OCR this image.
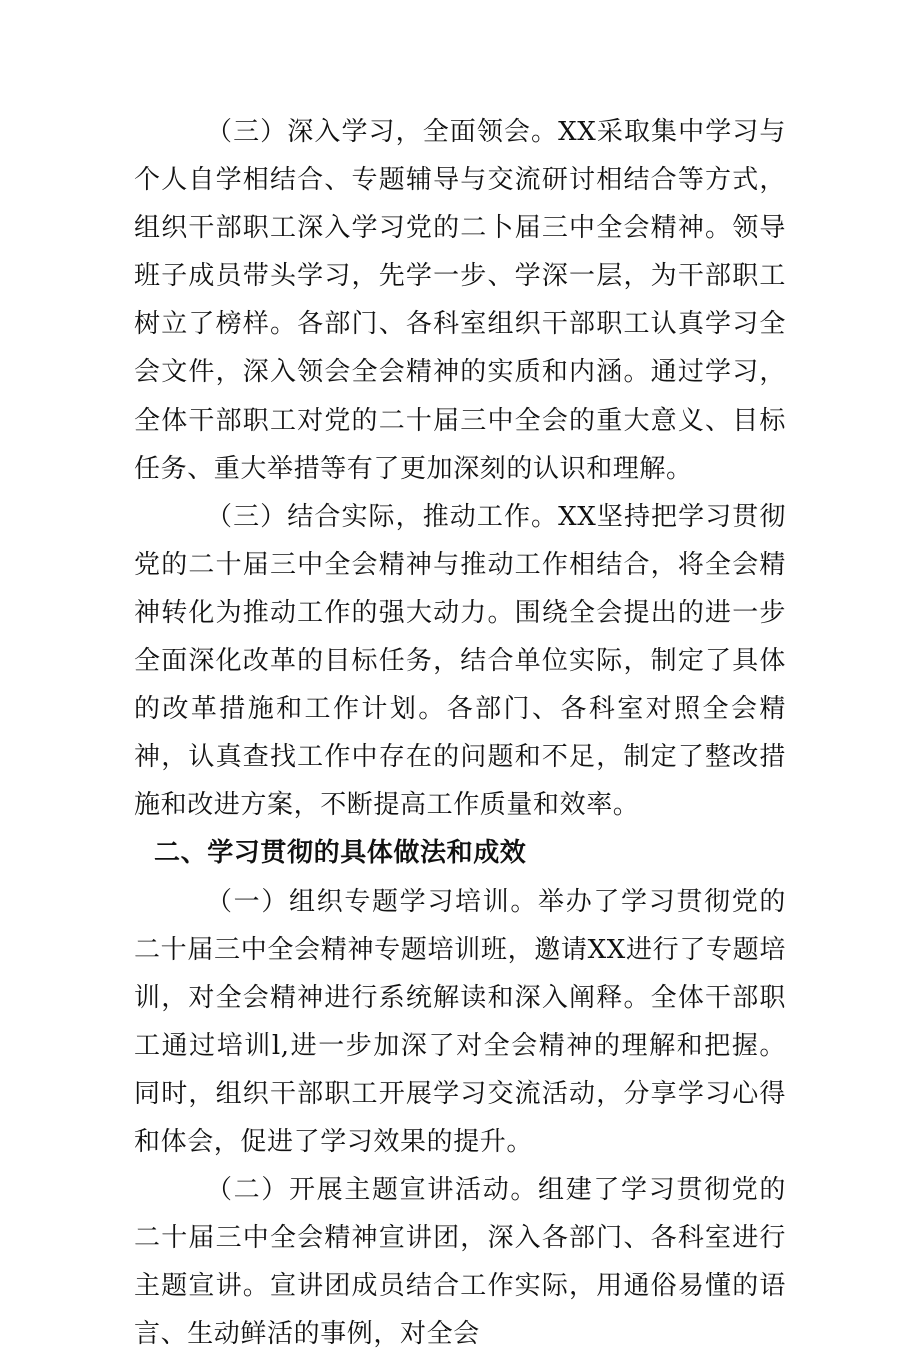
（三）深入学习，全面领会。XX采取集中学习与个人自学相结合、专题辅导与交流研讨相结合等方式，组织干部职工深入学习党的二卜届三中全会精神。领导班子成员带头学习，先学一步、学深一层，为干部职工树立了榜样。各部门、各科室组织干部职工认真学习全会文件，深入领会全会精神的实质和内涵。通过学习，全体干部职工对党的二十届三中全会的重大意义、目标任务、重大举措等有了更加深刻的认识和理解。

（三）结合实际，推动工作。XX坚持把学习贯彻党的二十届三中全会精神与推动工作相结合，将全会精神转化为推动工作的强大动力。围绕全会提出的进一步全面深化改革的目标任务，结合单位实际，制定了具体的改革措施和工作计划。各部门、各科室对照全会精神，认真查找工作中存在的问题和不足，制定了整改措施和改进方案，不断提高工作质量和效率。

二、学习贯彻的具体做法和成效

（一）组织专题学习培训。举办了学习贯彻党的二十届三中全会精神专题培训班，邀请XX进行了专题培训，对全会精神进行系统解读和深入阐释。全体干部职工通过培训l,进一步加深了对全会精神的理解和把握。同时，组织干部职工开展学习交流活动，分享学习心得和体会，促进了学习效果的提升。

（二）开展主题宣讲活动。组建了学习贯彻党的二十届三中全会精神宣讲团，深入各部门、各科室进行主题宣讲。宣讲团成员结合工作实际，用通俗易懂的语言、生动鲜活的事例，对全会
